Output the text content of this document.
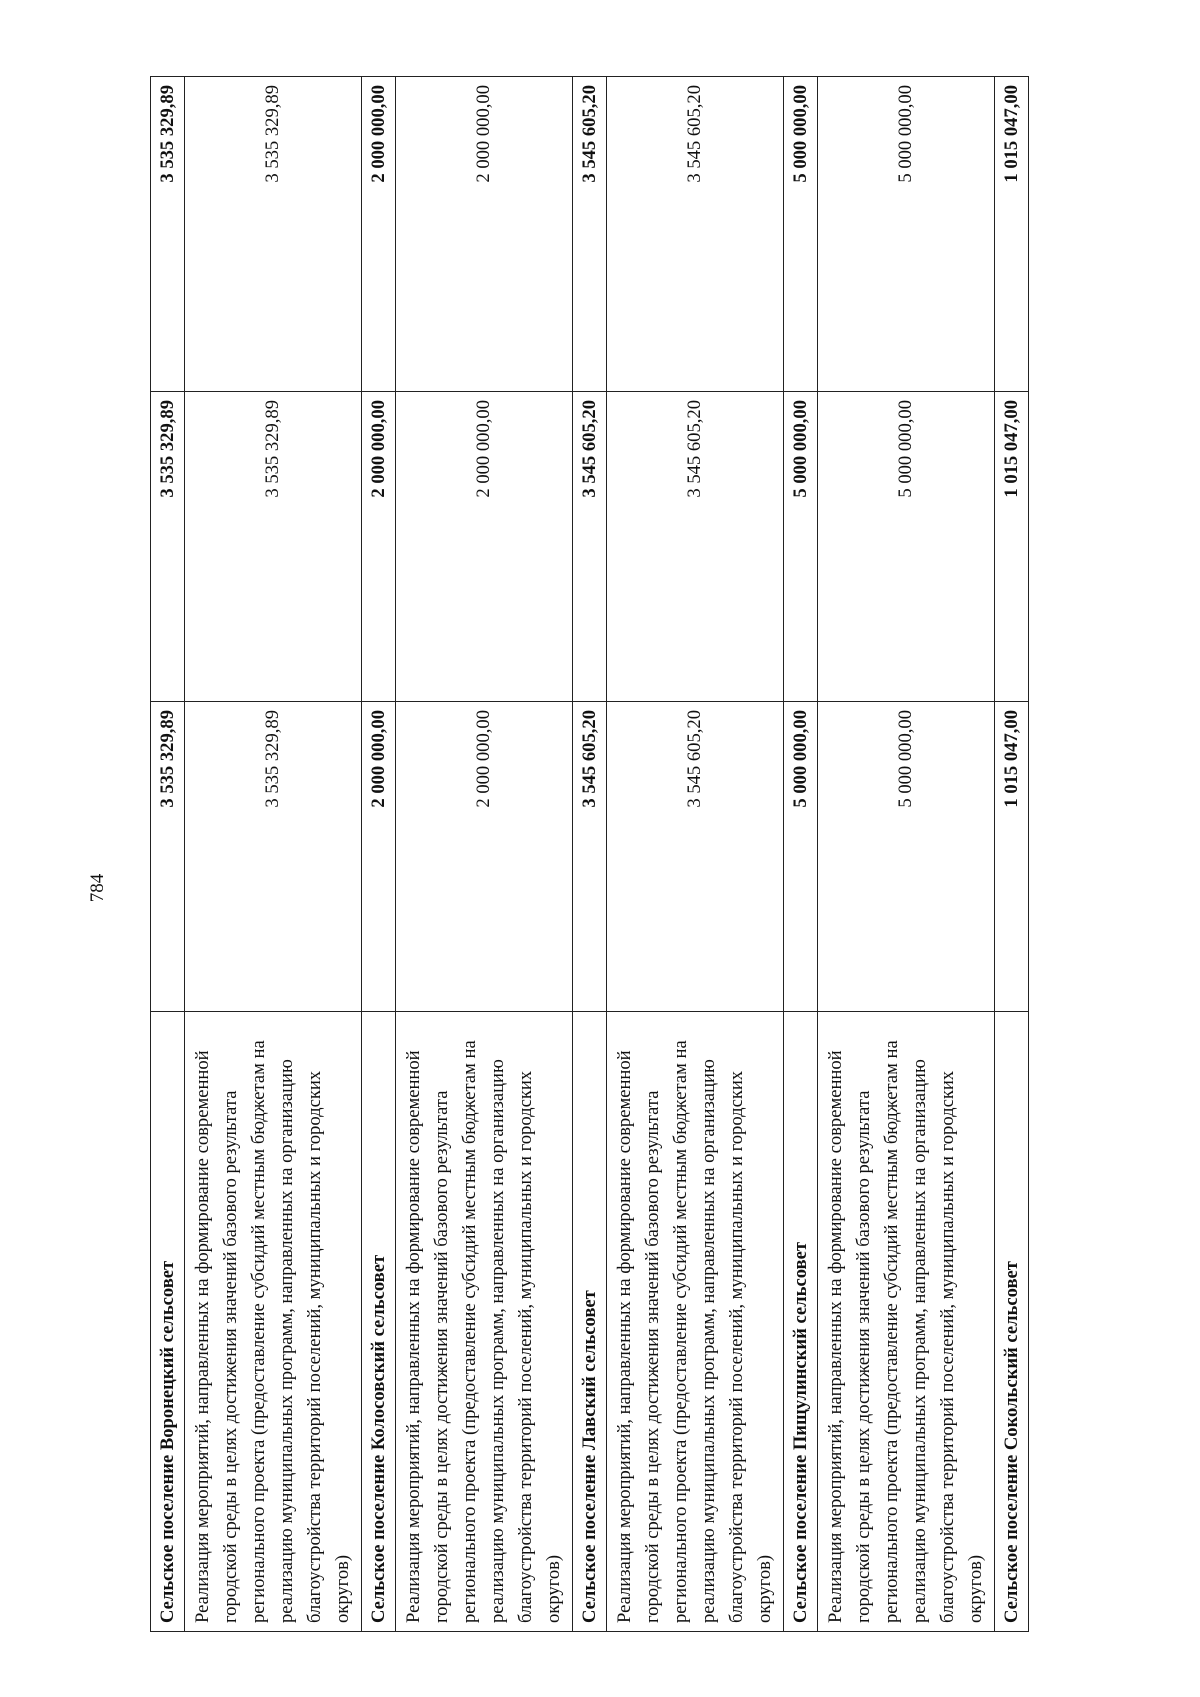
784
Сельское поселение Воронецкий сельсовет	3 535 329,89	3 535 329,89	3 535 329,89
Реализация мероприятий, направленных на формирование современной городской среды в целях достижения значений базового результата регионального проекта (предоставление субсидий местным бюджетам на реализацию муниципальных программ, направленных на организацию благоустройства территорий поселений, муниципальных и городских округов)	3 535 329,89	3 535 329,89	3 535 329,89
Сельское поселение Колосовский сельсовет	2 000 000,00	2 000 000,00	2 000 000,00
Реализация мероприятий, направленных на формирование современной городской среды в целях достижения значений базового результата регионального проекта (предоставление субсидий местным бюджетам на реализацию муниципальных программ, направленных на организацию благоустройства территорий поселений, муниципальных и городских округов)	2 000 000,00	2 000 000,00	2 000 000,00
Сельское поселение Лавский сельсовет	3 545 605,20	3 545 605,20	3 545 605,20
Реализация мероприятий, направленных на формирование современной городской среды в целях достижения значений базового результата регионального проекта (предоставление субсидий местным бюджетам на реализацию муниципальных программ, направленных на организацию благоустройства территорий поселений, муниципальных и городских округов)	3 545 605,20	3 545 605,20	3 545 605,20
Сельское поселение Пищулинский сельсовет	5 000 000,00	5 000 000,00	5 000 000,00
Реализация мероприятий, направленных на формирование современной городской среды в целях достижения значений базового результата регионального проекта (предоставление субсидий местным бюджетам на реализацию муниципальных программ, направленных на организацию благоустройства территорий поселений, муниципальных и городских округов)	5 000 000,00	5 000 000,00	5 000 000,00
Сельское поселение Сокольский сельсовет	1 015 047,00	1 015 047,00	1 015 047,00
